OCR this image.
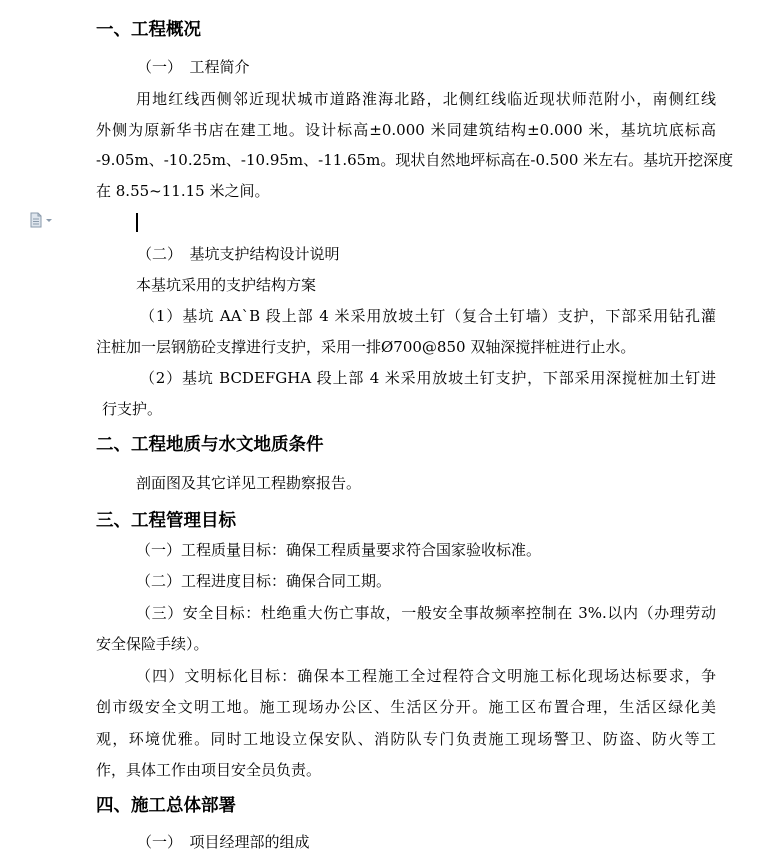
一、工程概况
（一）　工程简介
用地红线西侧邻近现状城市道路淮海北路，北侧红线临近现状师范附小，南侧红线
外侧为原新华书店在建工地。设计标高±0.000 米同建筑结构±0.000 米，基坑坑底标高
-9.05m、-10.25m、-10.95m、-11.65m。现状自然地坪标高在-0.500 米左右。基坑开挖深度
在 8.55~11.15 米之间。
（二）　基坑支护结构设计说明
本基坑采用的支护结构方案
（1）基坑 AA`B 段上部 4 米采用放坡土钉（复合土钉墙）支护，下部采用钻孔灌
注桩加一层钢筋砼支撑进行支护，采用一排Ø700@850 双轴深搅拌桩进行止水。
（2）基坑 BCDEFGHA 段上部 4 米采用放坡土钉支护，下部采用深搅桩加土钉进
行支护。
二、工程地质与水文地质条件
剖面图及其它详见工程勘察报告。
三、工程管理目标
（一）工程质量目标：确保工程质量要求符合国家验收标准。
（二）工程进度目标：确保合同工期。
（三）安全目标：杜绝重大伤亡事故，一般安全事故频率控制在 3%.以内（办理劳动
安全保险手续）。
（四）文明标化目标：确保本工程施工全过程符合文明施工标化现场达标要求，争
创市级安全文明工地。施工现场办公区、生活区分开。施工区布置合理，生活区绿化美
观，环境优雅。同时工地设立保安队、消防队专门负责施工现场警卫、防盗、防火等工
作，具体工作由项目安全员负责。
四、施工总体部署
（一）　项目经理部的组成
